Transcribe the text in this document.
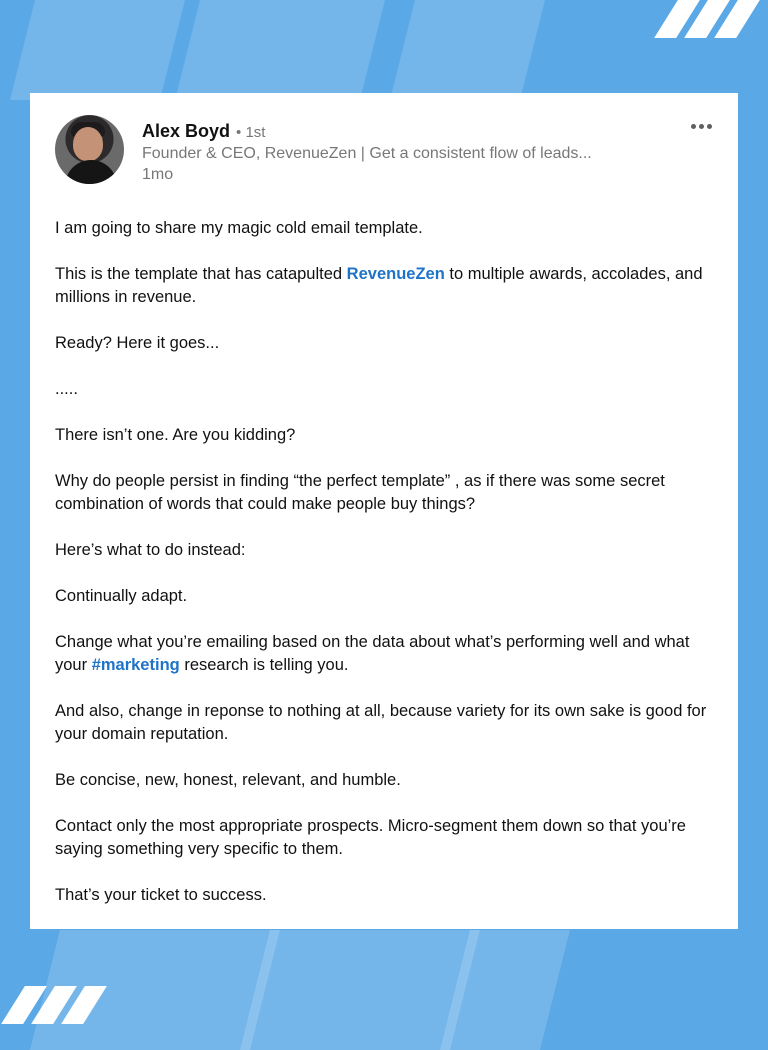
Alex Boyd • 1st
Founder & CEO, RevenueZen | Get a consistent flow of leads...
1mo

I am going to share my magic cold email template.

This is the template that has catapulted RevenueZen to multiple awards, accolades, and millions in revenue.

Ready? Here it goes...

.....

There isn’t one. Are you kidding?

Why do people persist in finding “the perfect template” , as if there was some secret combination of words that could make people buy things?

Here’s what to do instead:

Continually adapt.

Change what you’re emailing based on the data about what’s performing well and what your #marketing research is telling you.

And also, change in reponse to nothing at all, because variety for its own sake is good for your domain reputation.

Be concise, new, honest, relevant, and humble.

Contact only the most appropriate prospects. Micro-segment them down so that you’re saying something very specific to them.

That’s your ticket to success.
